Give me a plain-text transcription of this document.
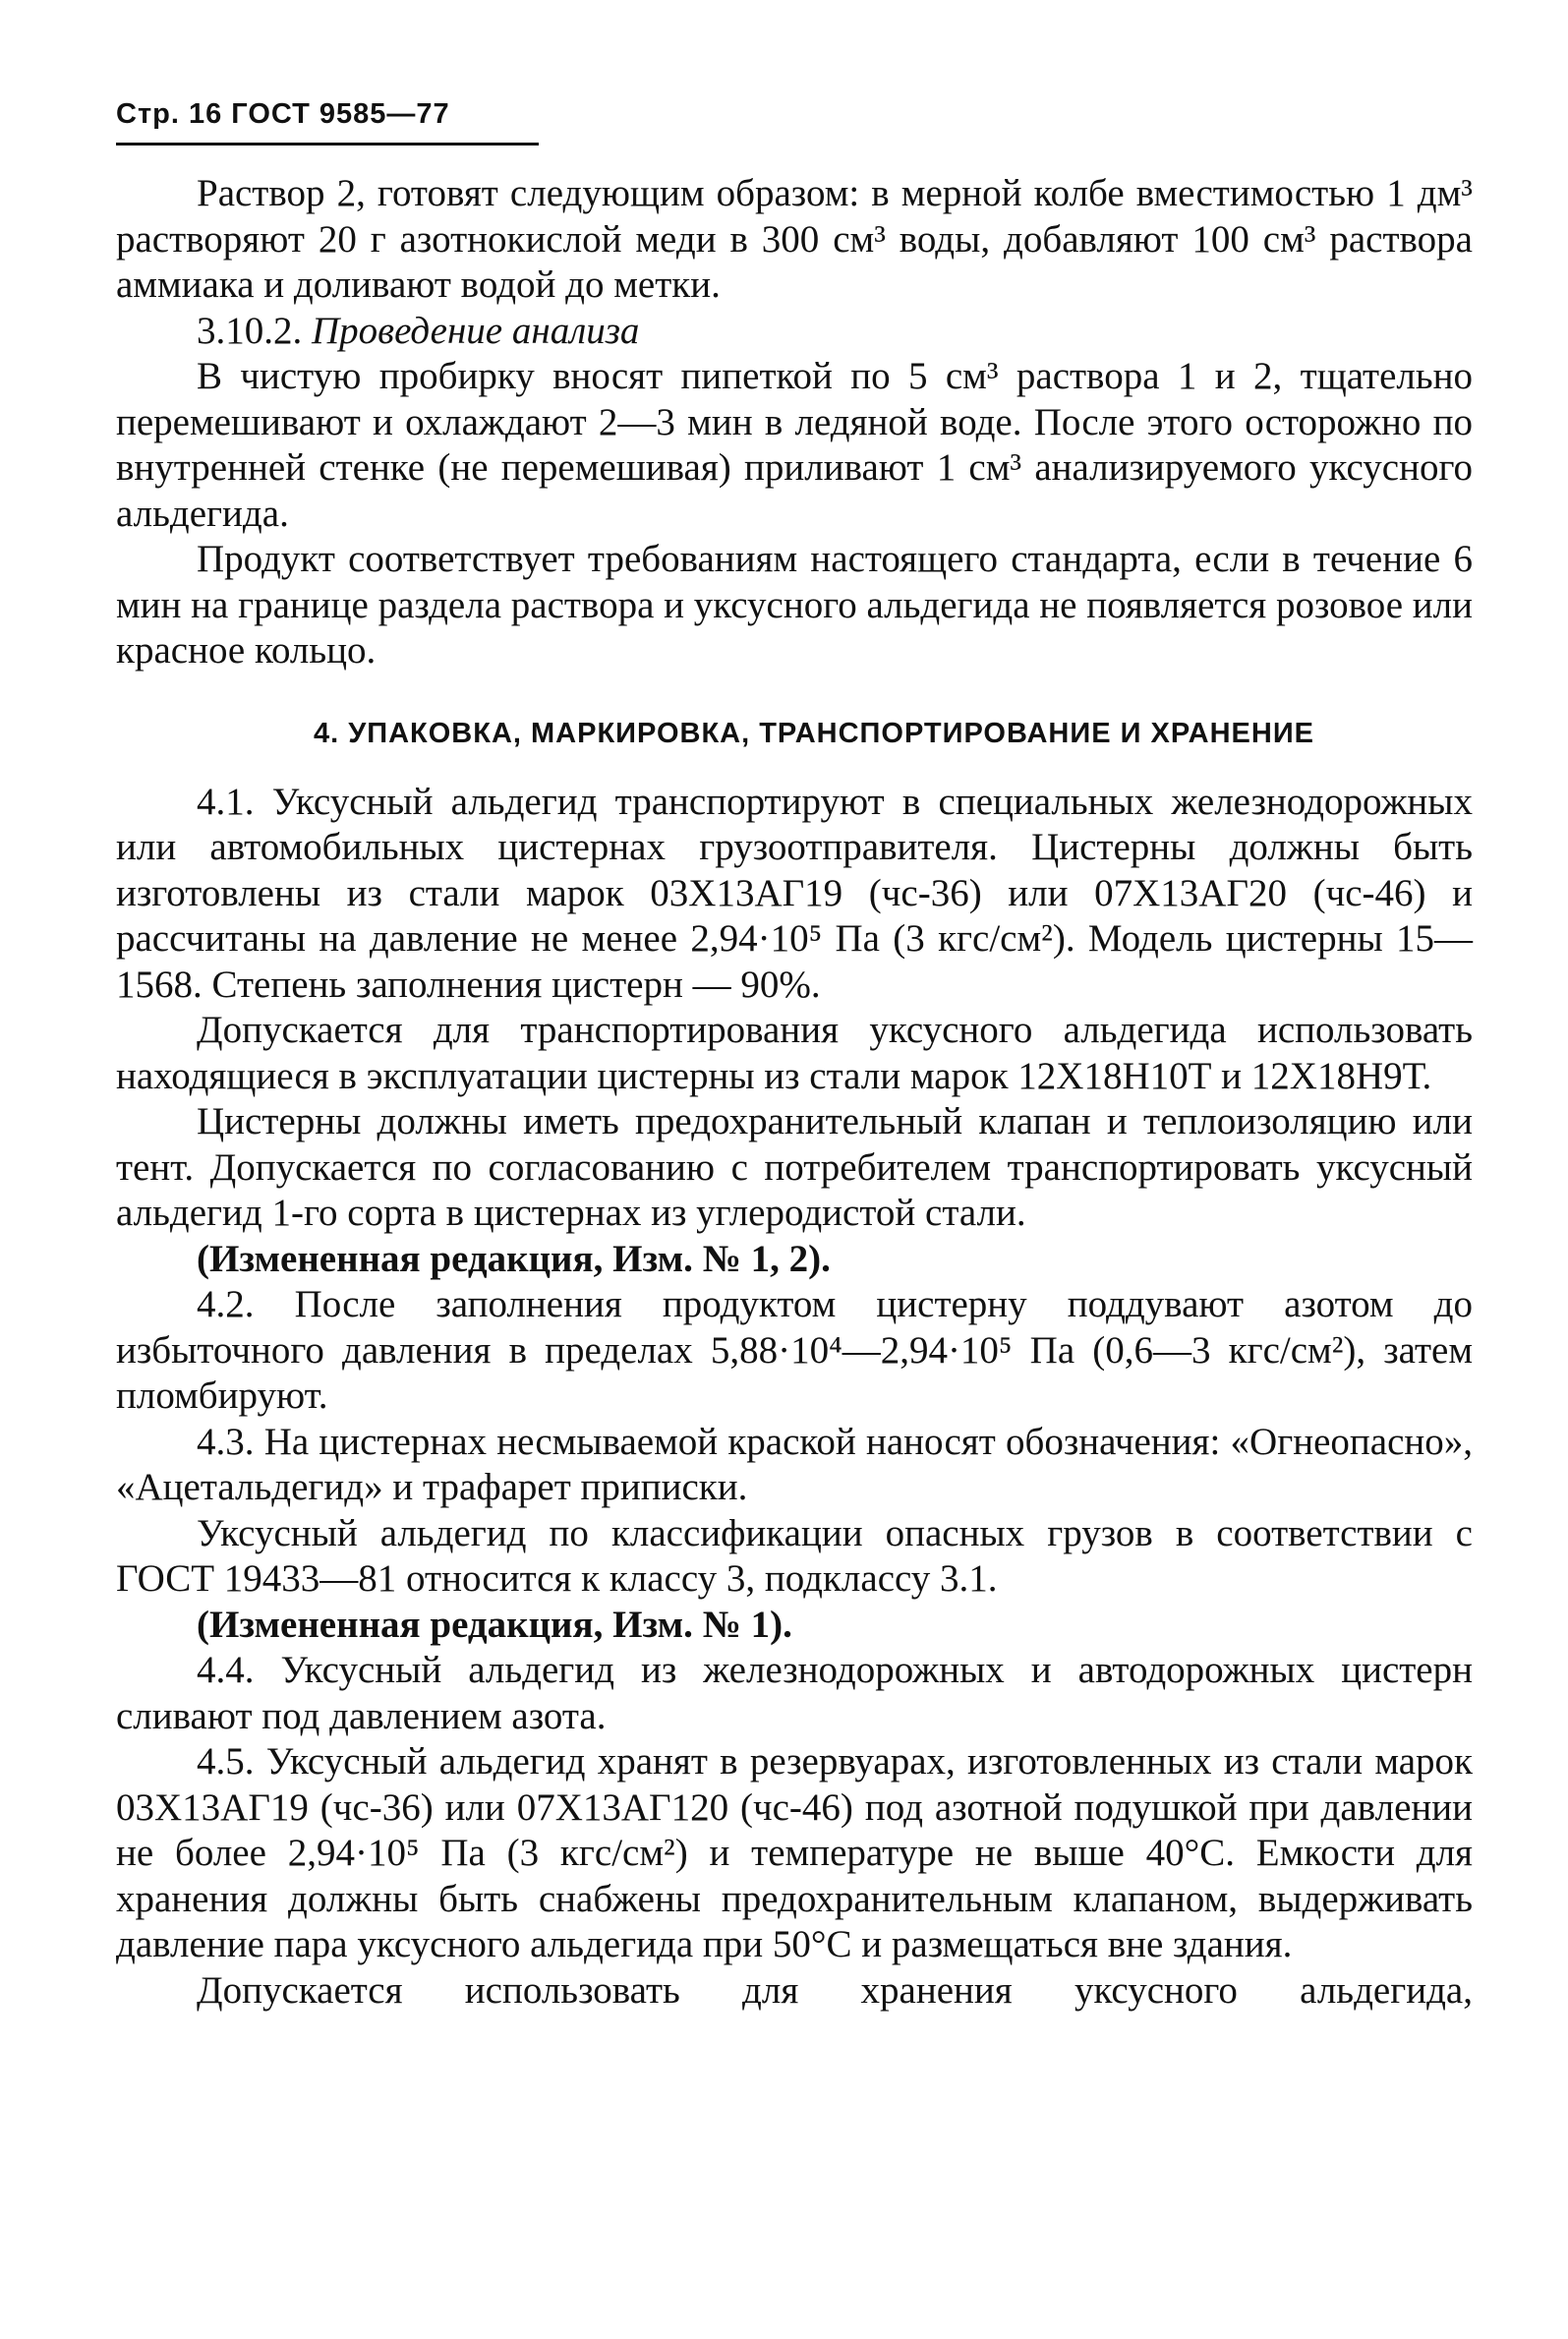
Стр. 16 ГОСТ 9585—77

Раствор 2, готовят следующим образом: в мерной колбе вместимостью 1 дм³ растворяют 20 г азотнокислой меди в 300 см³ воды, добавляют 100 см³ раствора аммиака и доливают водой до метки.

3.10.2. Проведение анализа

В чистую пробирку вносят пипеткой по 5 см³ раствора 1 и 2, тщательно перемешивают и охлаждают 2—3 мин в ледяной воде. После этого осторожно по внутренней стенке (не перемешивая) приливают 1 см³ анализируемого уксусного альдегида.

Продукт соответствует требованиям настоящего стандарта, если в течение 6 мин на границе раздела раствора и уксусного альдегида не появляется розовое или красное кольцо.

4. УПАКОВКА, МАРКИРОВКА, ТРАНСПОРТИРОВАНИЕ И ХРАНЕНИЕ

4.1. Уксусный альдегид транспортируют в специальных железнодорожных или автомобильных цистернах грузоотправителя. Цистерны должны быть изготовлены из стали марок 03Х13АГ19 (чс-36) или 07Х13АГ20 (чс-46) и рассчитаны на давление не менее 2,94·10⁵ Па (3 кгс/см²). Модель цистерны 15—1568. Степень заполнения цистерн — 90%.

Допускается для транспортирования уксусного альдегида использовать находящиеся в эксплуатации цистерны из стали марок 12Х18Н10Т и 12Х18Н9Т.

Цистерны должны иметь предохранительный клапан и теплоизоляцию или тент. Допускается по согласованию с потребителем транспортировать уксусный альдегид 1-го сорта в цистернах из углеродистой стали.

(Измененная редакция, Изм. № 1, 2).

4.2. После заполнения продуктом цистерну поддувают азотом до избыточного давления в пределах 5,88·10⁴—2,94·10⁵ Па (0,6—3 кгс/см²), затем пломбируют.

4.3. На цистернах несмываемой краской наносят обозначения: «Огнеопасно», «Ацетальдегид» и трафарет приписки.

Уксусный альдегид по классификации опасных грузов в соответствии с ГОСТ 19433—81 относится к классу 3, подклассу 3.1.

(Измененная редакция, Изм. № 1).

4.4. Уксусный альдегид из железнодорожных и автодорожных цистерн сливают под давлением азота.

4.5. Уксусный альдегид хранят в резервуарах, изготовленных из стали марок 03Х13АГ19 (чс-36) или 07Х13АГ120 (чс-46) под азотной подушкой при давлении не более 2,94·10⁵ Па (3 кгс/см²) и температуре не выше 40°С. Емкости для хранения должны быть снабжены предохранительным клапаном, выдерживать давление пара уксусного альдегида при 50°С и размещаться вне здания.

Допускается использовать для хранения уксусного альдегида,
